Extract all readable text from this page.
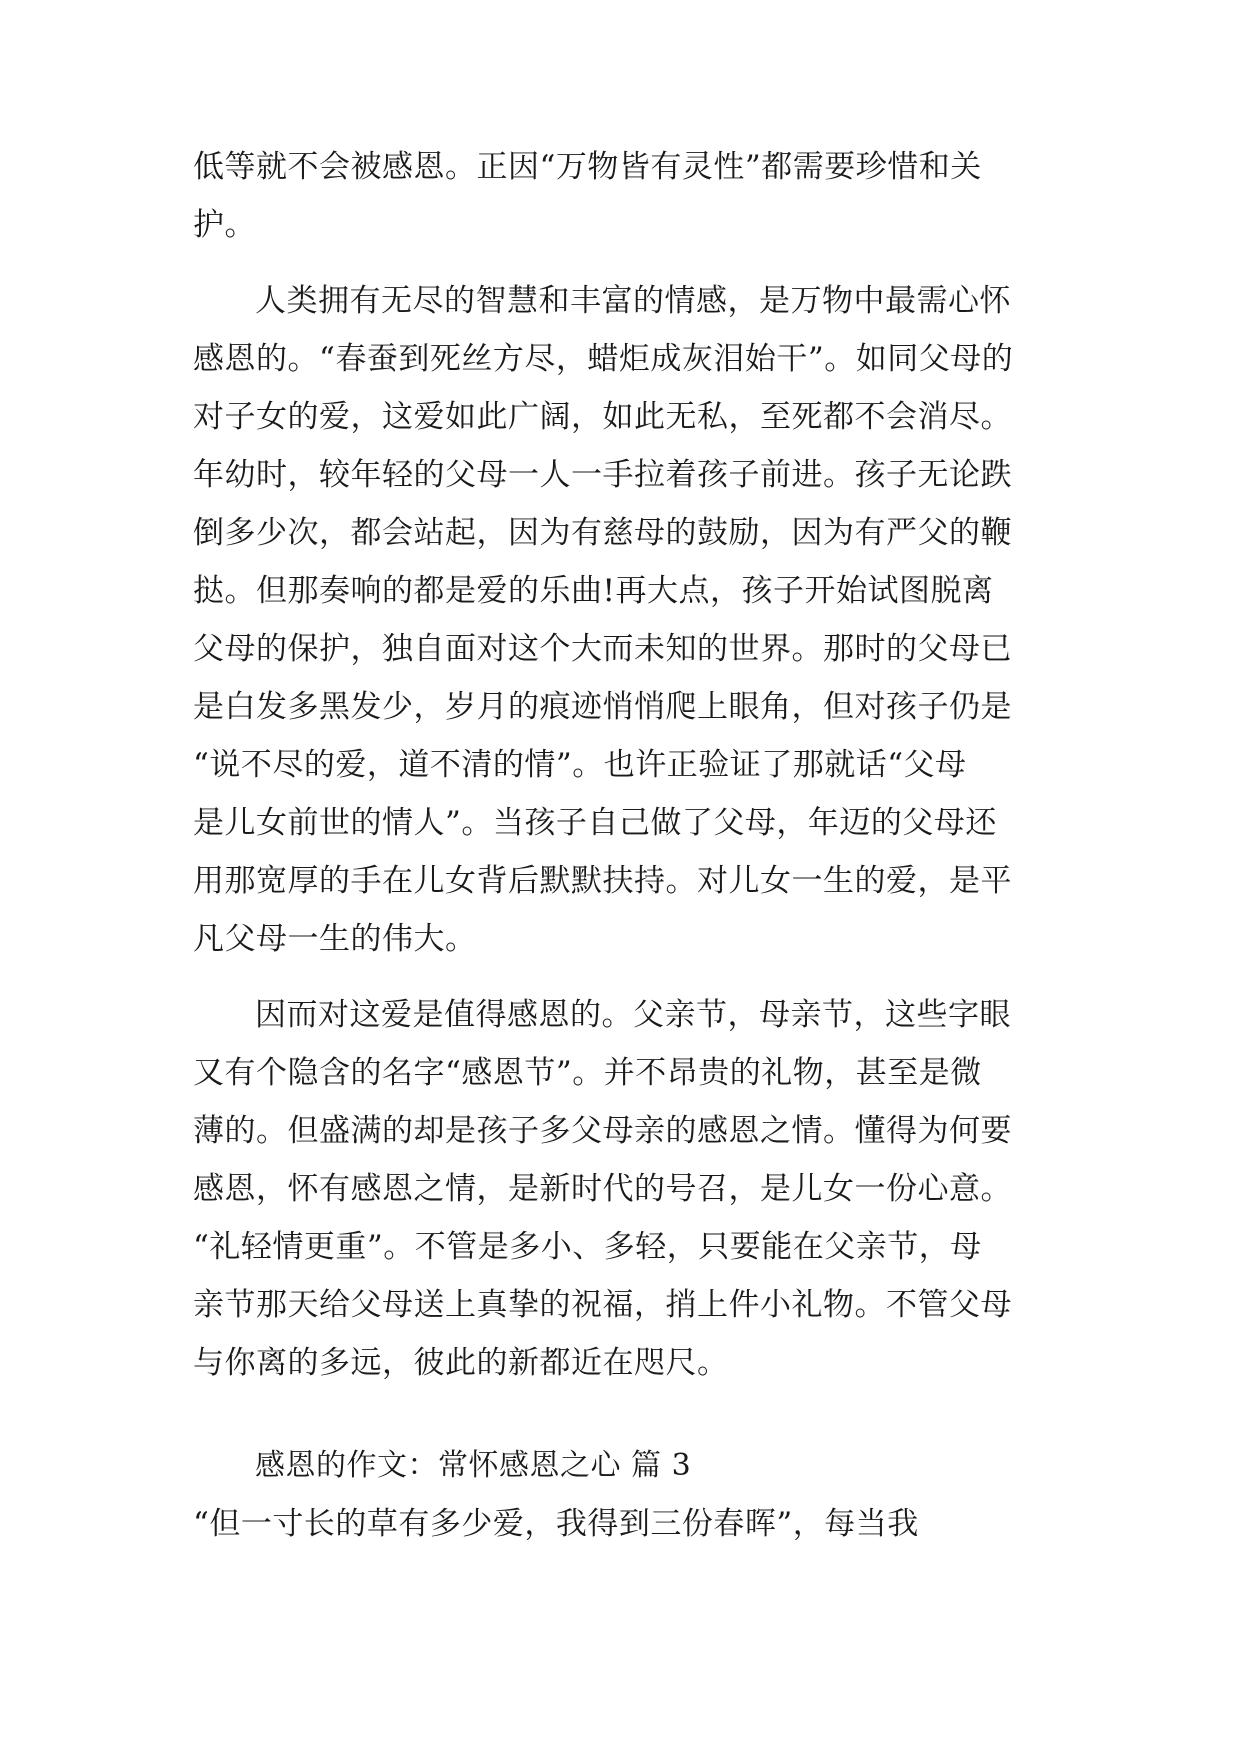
低等就不会被感恩。正因“万物皆有灵性”都需要珍惜和关
护。
人类拥有无尽的智慧和丰富的情感，是万物中最需心怀
感恩的。“春蚕到死丝方尽，蜡炬成灰泪始干”。如同父母的
对子女的爱，这爱如此广阔，如此无私，至死都不会消尽。
年幼时，较年轻的父母一人一手拉着孩子前进。孩子无论跌
倒多少次，都会站起，因为有慈母的鼓励，因为有严父的鞭
挞。但那奏响的都是爱的乐曲!再大点，孩子开始试图脱离
父母的保护，独自面对这个大而未知的世界。那时的父母已
是白发多黑发少，岁月的痕迹悄悄爬上眼角，但对孩子仍是
“说不尽的爱，道不清的情”。也许正验证了那就话“父母
是儿女前世的情人”。当孩子自己做了父母，年迈的父母还
用那宽厚的手在儿女背后默默扶持。对儿女一生的爱，是平
凡父母一生的伟大。
因而对这爱是值得感恩的。父亲节，母亲节，这些字眼
又有个隐含的名字“感恩节”。并不昂贵的礼物，甚至是微
薄的。但盛满的却是孩子多父母亲的感恩之情。懂得为何要
感恩，怀有感恩之情，是新时代的号召，是儿女一份心意。
“礼轻情更重”。不管是多小、多轻，只要能在父亲节，母
亲节那天给父母送上真挚的祝福，捎上件小礼物。不管父母
与你离的多远，彼此的新都近在咫尺。
感恩的作文：常怀感恩之心 篇 3
“但一寸长的草有多少爱，我得到三份春晖”，每当我
